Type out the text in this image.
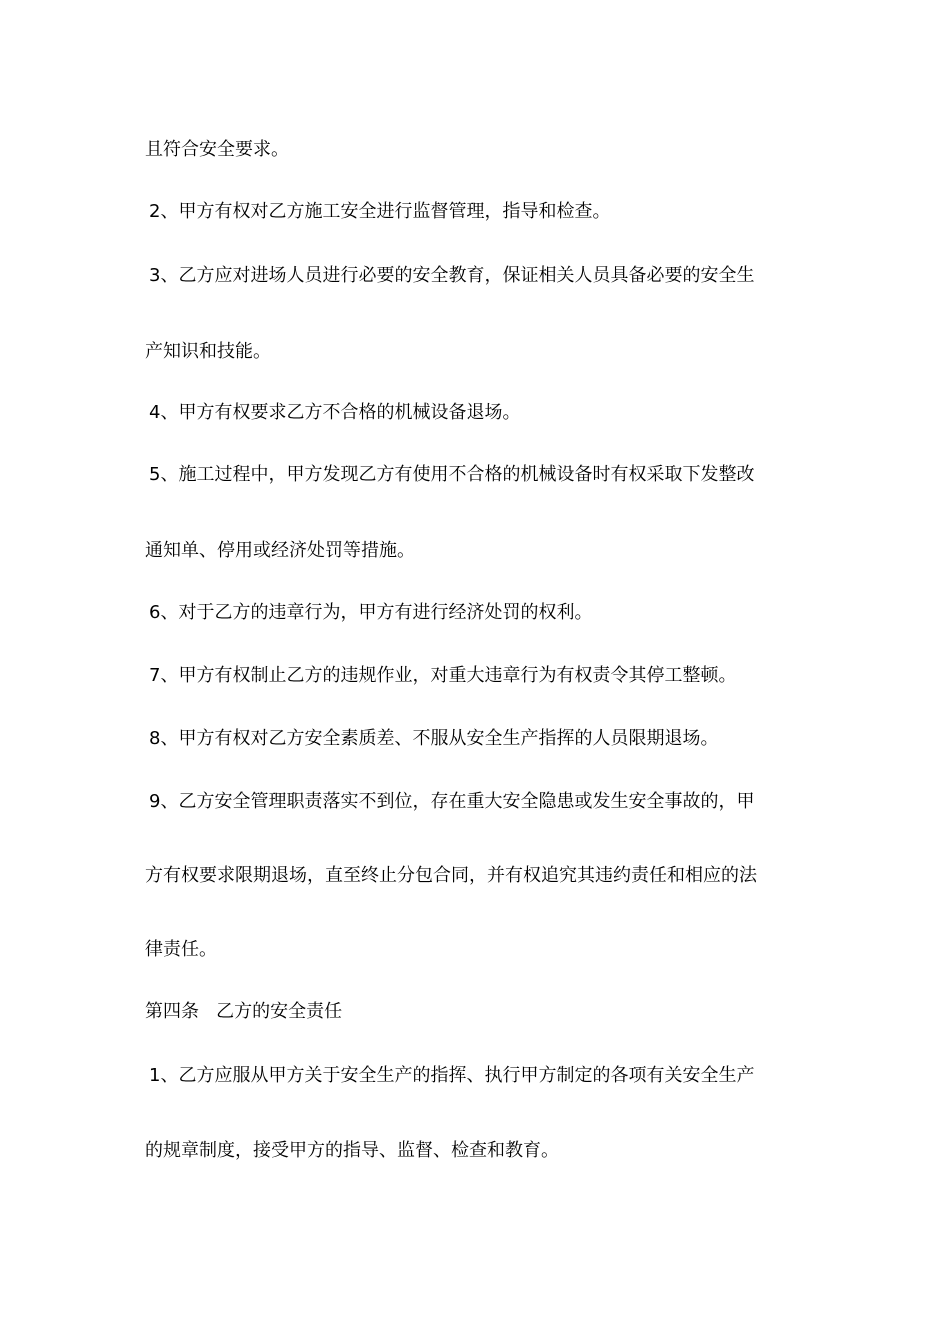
且符合安全要求。
2、甲方有权对乙方施工安全进行监督管理，指导和检查。
3、乙方应对进场人员进行必要的安全教育，保证相关人员具备必要的安全生
产知识和技能。
4、甲方有权要求乙方不合格的机械设备退场。
5、施工过程中，甲方发现乙方有使用不合格的机械设备时有权采取下发整改
通知单、停用或经济处罚等措施。
6、对于乙方的违章行为，甲方有进行经济处罚的权利。
7、甲方有权制止乙方的违规作业，对重大违章行为有权责令其停工整顿。
8、甲方有权对乙方安全素质差、不服从安全生产指挥的人员限期退场。
9、乙方安全管理职责落实不到位，存在重大安全隐患或发生安全事故的，甲
方有权要求限期退场，直至终止分包合同，并有权追究其违约责任和相应的法
律责任。
第四条   乙方的安全责任
1、乙方应服从甲方关于安全生产的指挥、执行甲方制定的各项有关安全生产
的规章制度，接受甲方的指导、监督、检查和教育。
